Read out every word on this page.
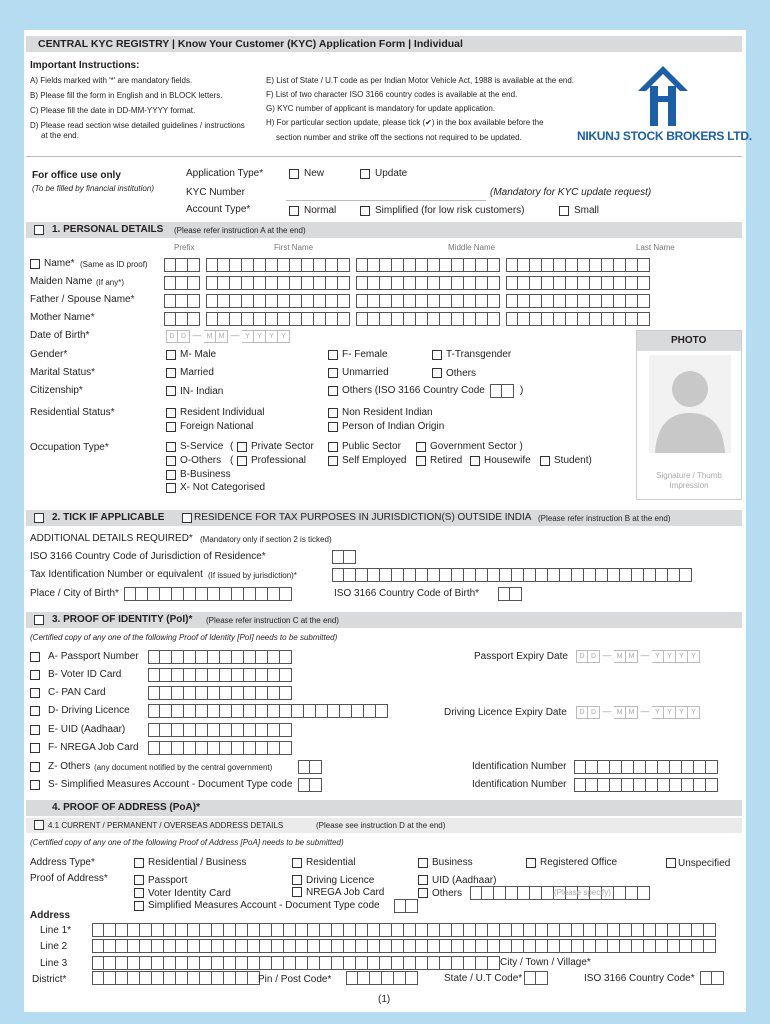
CENTRAL KYC REGISTRY | Know Your Customer (KYC) Application Form | Individual
Important Instructions:
A) Fields marked with '*' are mandatory fields.
B) Please fill the form in English and in BLOCK letters.
C) Please fill the date in DD-MM-YYYY format.
D) Please read section wise detailed guidelines / instructions
at the end.
E) List of State / U.T code as per Indian Motor Vehicle Act, 1988 is available at the end.
F) List of two character ISO 3166 country codes is available at the end.
G) KYC number of applicant is mandatory for update application.
H) For particular section update, please tick (✔) in the box available before the
section number and strike off the sections not required to be updated.	NIKUNJ STOCK BROKERS LTD.
For office use only
(To be filled by financial institution)
Application Type*	New	Update
KYC Number	(Mandatory for KYC update request)
Account Type*	Normal	Simplified (for low risk customers)	Small
1. PERSONAL DETAILS (Please refer instruction A at the end)
Prefix	First Name	Middle Name	Last Name
Name* (Same as ID proof)
Maiden Name (If any*)
Father / Spouse Name*
Mother Name*
Date of Birth*	D D — M M — Y	Y	Y	Y	PHOTO
Signature / Thumb
Impression
Gender*	M- Male	F- Female	T-Transgender
Marital Status*	Married	Unmarried	Others
Citizenship*	IN- Indian	Others (ISO 3166 Country Code	)
Residential Status*	Resident Individual	Non Resident Indian
Foreign National	Person of Indian Origin
Occupation Type*	S-Service ( Private Sector	Public Sector	Government Sector )
O-Others ( Professional	Self Employed Retired Housewife Student)
B-Business
X- Not Categorised
2. TICK IF APPLICABLE	RESIDENCE FOR TAX PURPOSES IN JURISDICTION(S) OUTSIDE INDIA (Please refer instruction B at the end)
ADDITIONAL DETAILS REQUIRED* (Mandatory only if section 2 is ticked)
ISO 3166 Country Code of Jurisdiction of Residence*
Tax Identification Number or equivalent (If issued by jurisdiction)*
Place / City of Birth*	ISO 3166 Country Code of Birth*
3. PROOF OF IDENTITY (PoI)* (Please refer instruction C at the end)
(Certified copy of any one of the following Proof of Identity [PoI] needs to be submitted)
A- Passport Number	Passport Expiry Date	D D — M M — Y	Y	Y	Y
B- Voter ID Card
C- PAN Card
D- Driving Licence	Driving Licence Expiry Date	D D — M M — Y	Y	Y	Y
E- UID (Aadhaar)
F- NREGA Job Card
Z- Others (any document notified by the central government)	Identification Number
S- Simplified Measures Account - Document Type code	Identification Number
4. PROOF OF ADDRESS (PoA)*
4.1 CURRENT / PERMANENT / OVERSEAS ADDRESS DETAILS	(Please see instruction D at the end)
(Certified copy of any one of the following Proof of Address [PoA] needs to be submitted)
Address Type*	Residential / Business	Residential	Business	Registered Office	Unspecified
Proof of Address*	Passport	Driving Licence	UID (Aadhaar)
Voter Identity Card	NREGA Job Card	Others	(Please specify)
Simplified Measures Account - Document Type code
Address
Line 1*
Line 2
Line 3	City / Town / Village*
District*	Pin / Post Code*	State / U.T Code*	ISO 3166 Country Code*
(1)
